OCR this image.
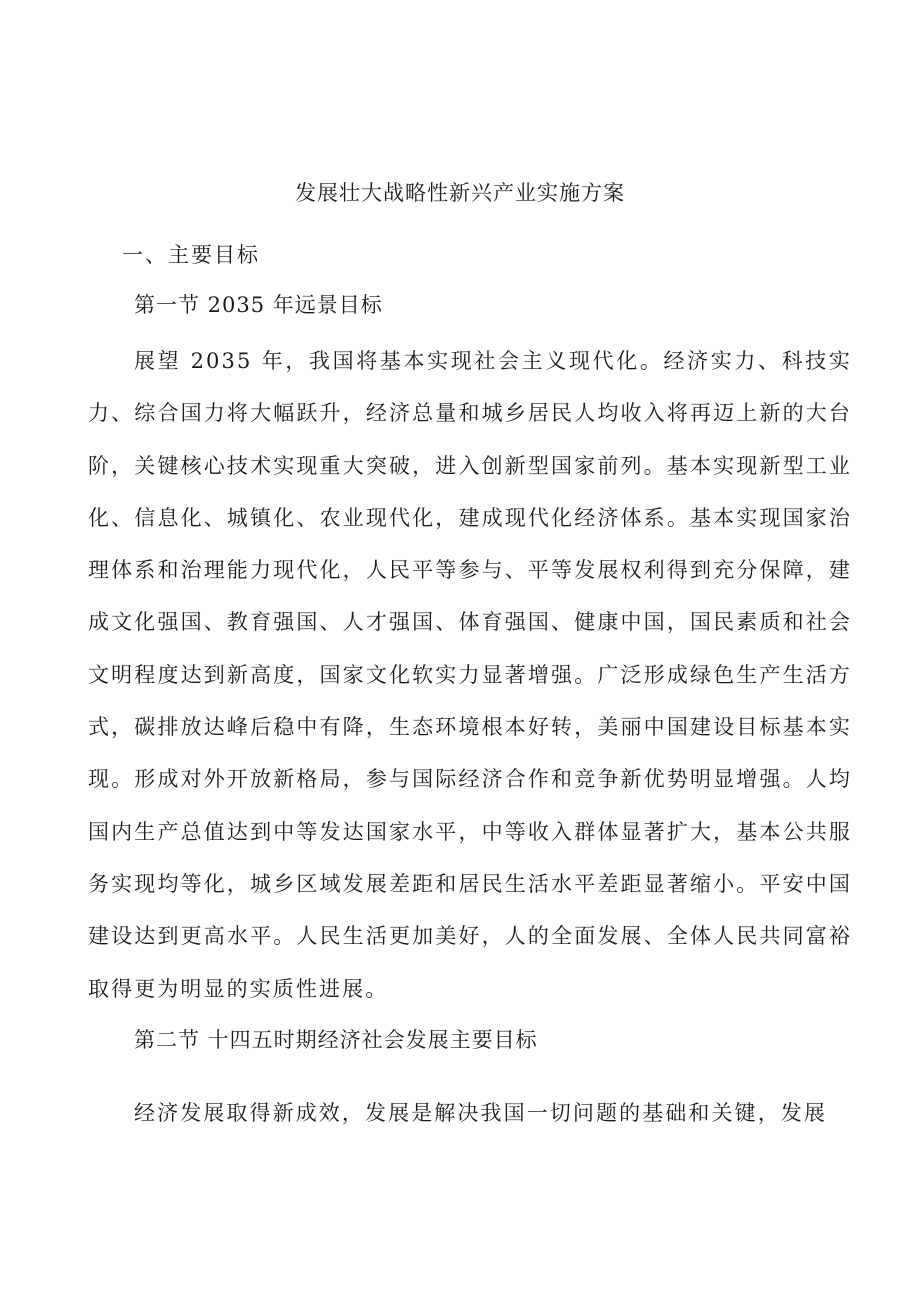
发展壮大战略性新兴产业实施方案
一、主要目标
第一节 2035 年远景目标

展望 2035 年，我国将基本实现社会主义现代化。经济实力、科技实力、综合国力将大幅跃升，经济总量和城乡居民人均收入将再迈上新的大台阶，关键核心技术实现重大突破，进入创新型国家前列。基本实现新型工业化、信息化、城镇化、农业现代化，建成现代化经济体系。基本实现国家治理体系和治理能力现代化，人民平等参与、平等发展权利得到充分保障，建成文化强国、教育强国、人才强国、体育强国、健康中国，国民素质和社会文明程度达到新高度，国家文化软实力显著增强。广泛形成绿色生产生活方式，碳排放达峰后稳中有降，生态环境根本好转，美丽中国建设目标基本实现。形成对外开放新格局，参与国际经济合作和竞争新优势明显增强。人均国内生产总值达到中等发达国家水平，中等收入群体显著扩大，基本公共服务实现均等化，城乡区域发展差距和居民生活水平差距显著缩小。平安中国建设达到更高水平。人民生活更加美好，人的全面发展、全体人民共同富裕取得更为明显的实质性进展。

第二节 十四五时期经济社会发展主要目标

经济发展取得新成效，发展是解决我国一切问题的基础和关键，发展
